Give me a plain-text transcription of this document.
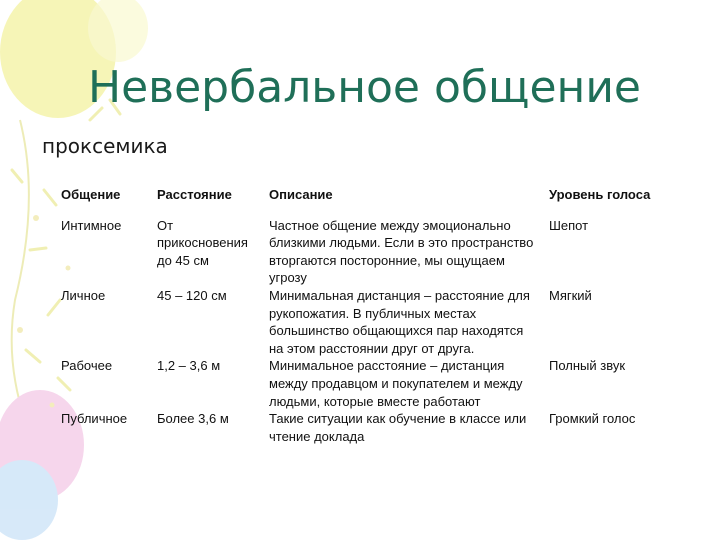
Невербальное общение
проксемика
Общение	Расстояние	Описание	Уровень голоса
Интимное	От прикосновения до 45 см	Частное общение между эмоционально близкими людьми. Если в это пространство вторгаются посторонние, мы ощущаем угрозу	Шепот
Личное	45 – 120 см	Минимальная дистанция – расстояние для рукопожатия. В публичных местах большинство общающихся пар находятся на этом расстоянии друг от друга.	Мягкий
Рабочее	1,2 – 3,6 м	Минимальное расстояние – дистанция между продавцом и покупателем и между людьми, которые вместе работают	Полный звук
Публичное	Более 3,6 м	Такие ситуации как обучение в классе или чтение доклада	Громкий голос
